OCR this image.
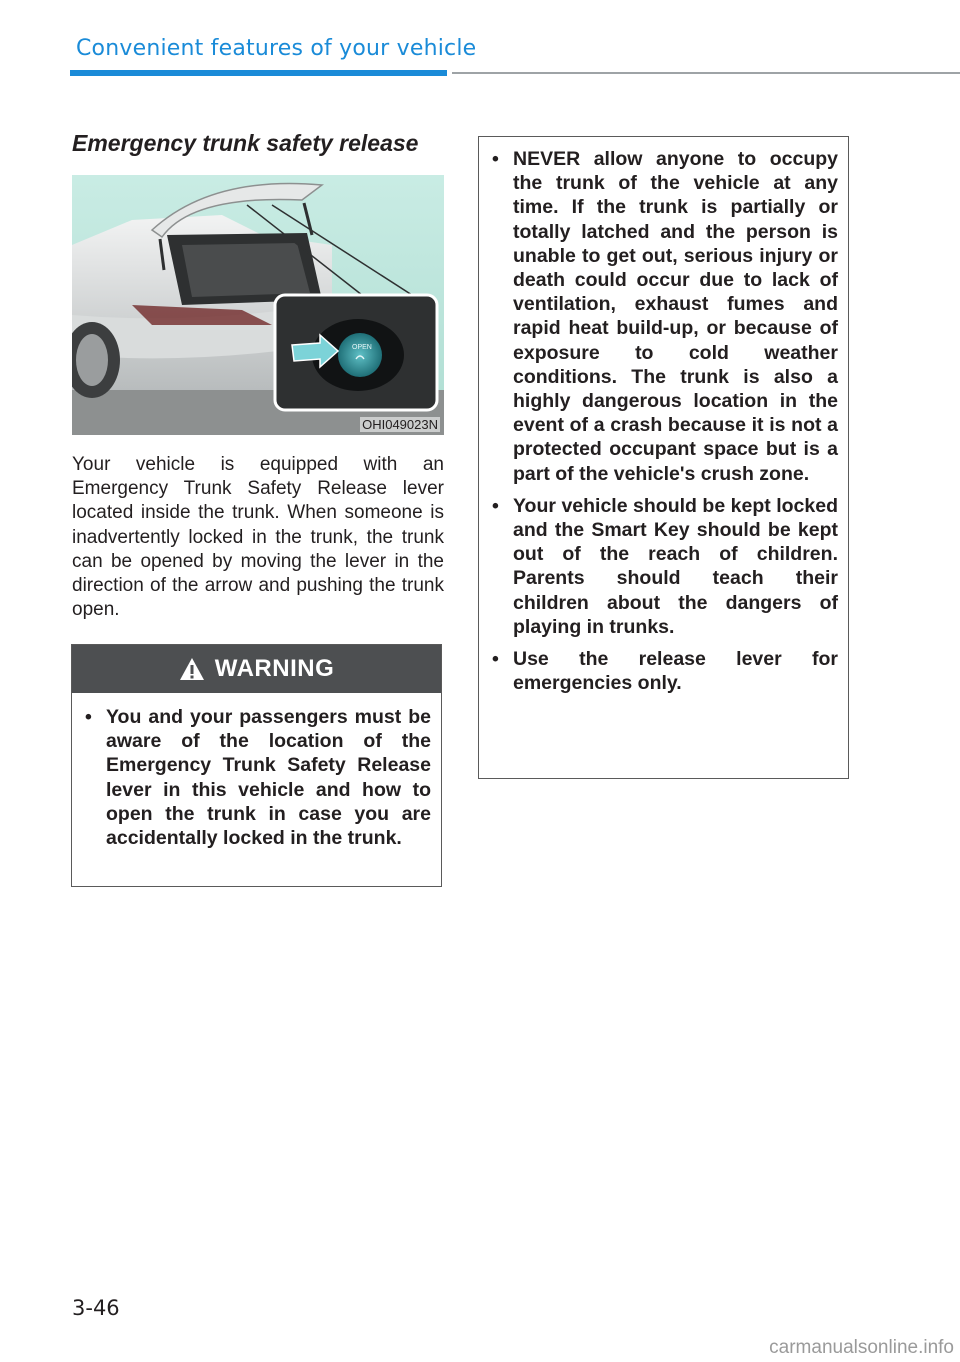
Convenient features of your vehicle
Emergency trunk safety release
OPEN
OHI049023N

Your vehicle is equipped with an Emergency Trunk Safety Release lever located inside the trunk. When someone is inadvertently locked in the trunk, the trunk can be opened by moving the lever in the direction of the arrow and pushing the trunk open.

WARNING
• You and your passengers must be aware of the location of the Emergency Trunk Safety Release lever in this vehicle and how to open the trunk in case you are accidentally locked in the trunk.
• NEVER allow anyone to occupy the trunk of the vehicle at any time. If the trunk is partially or totally latched and the person is unable to get out, serious injury or death could occur due to lack of ventilation, exhaust fumes and rapid heat build-up, or because of exposure to cold weather conditions. The trunk is also a highly dangerous location in the event of a crash because it is not a protected occupant space but is a part of the vehicle's crush zone.
• Your vehicle should be kept locked and the Smart Key should be kept out of the reach of children. Parents should teach their children about the dangers of playing in trunks.
• Use the release lever for emergencies only.
3-46
carmanualsonline.info
